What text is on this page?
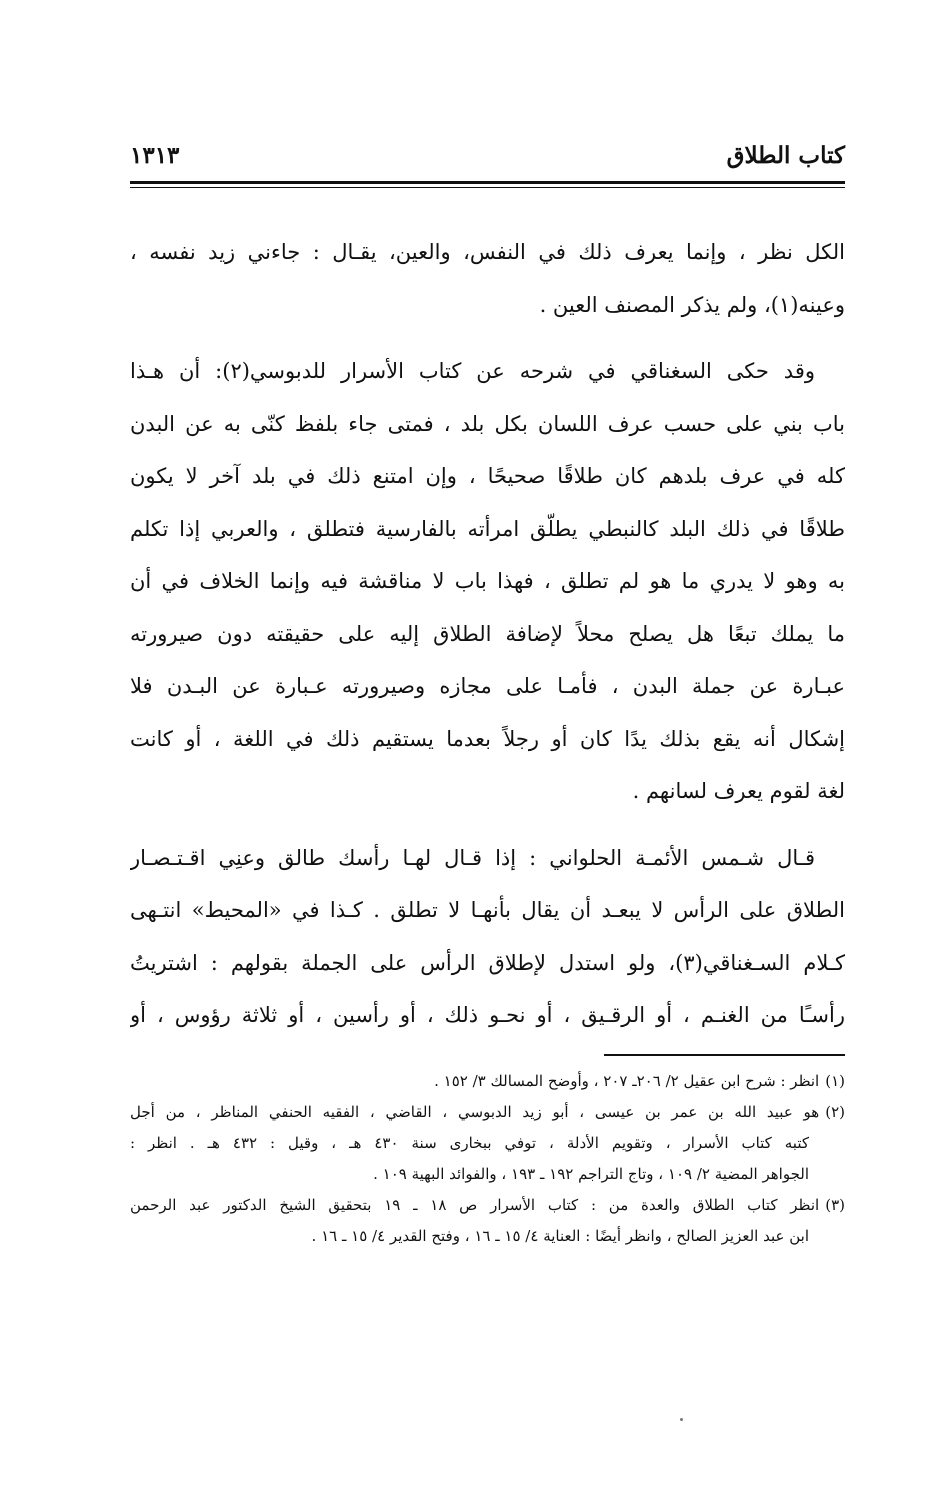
كتاب الطلاق
١٣١٣
الكل نظر ، وإنما يعرف ذلك في النفس، والعين، يقـال : جاءني زيد نفسه ،
وعينه(١)، ولم يذكر المصنف العين .
وقد حكى السغناقي في شرحه عن كتاب الأسرار للدبوسي(٢): أن هـذا
باب بني على حسب عرف اللسان بكل بلد ، فمتى جاء بلفظ كنّى به عن البدن
كله في عرف بلدهم كان طلاقًا صحيحًا ، وإن امتنع ذلك في بلد آخر لا يكون
طلاقًا في ذلك البلد كالنبطي يطلّق امرأته بالفارسية فتطلق ، والعربي إذا تكلم
به وهو لا يدري ما هو لم تطلق ، فهذا باب لا مناقشة فيه وإنما الخلاف في أن
ما يملك تبعًا هل يصلح محلاً لإضافة الطلاق إليه على حقيقته دون صيرورته
عبـارة عن جملة البدن ، فأمـا على مجازه وصيرورته عـبارة عن البـدن فلا
إشكال أنه يقع بذلك يدًا كان أو رجلاً بعدما يستقيم ذلك في اللغة ، أو كانت
لغة لقوم يعرف لسانهم .
قـال شـمس الأئمـة الحلواني : إذا قـال لهـا رأسك طالق وعنِي اقـتـصـار
الطلاق على الرأس لا يبعـد أن يقال بأنهـا لا تطلق . كـذا في «المحيط» انتـهى
كـلام السـغناقي(٣)، ولو استدل لإطلاق الرأس على الجملة بقولهم : اشتريتُ
رأسـًا من الغنـم ، أو الرقـيق ، أو نحـو ذلك ، أو رأسين ، أو ثلاثة رؤوس ، أو
(١)انظر : شرح ابن عقيل ٢/ ٢٠٦ـ ٢٠٧ ، وأوضح المسالك ٣/ ١٥٢ .
(٢)هو عبيد الله بن عمر بن عيسى ، أبو زيد الدبوسي ، القاضي ، الفقيه الحنفي المناظر ، من أجل
كتبه كتاب الأسرار ، وتقويم الأدلة ، توفي ببخارى سنة ٤٣٠ هـ ، وقيل : ٤٣٢ هـ . انظر :
الجواهر المضية ٢/ ١٠٩ ، وتاج التراجم ١٩٢ ـ ١٩٣ ، والفوائد البهية ١٠٩ .
(٣)انظر كتاب الطلاق والعدة من : كتاب الأسرار ص ١٨ ـ ١٩ بتحقيق الشيخ الدكتور عبد الرحمن
ابن عبد العزيز الصالح ، وانظر أيضًا : العناية ٤/ ١٥ ـ ١٦ ، وفتح القدير ٤/ ١٥ ـ ١٦ .
